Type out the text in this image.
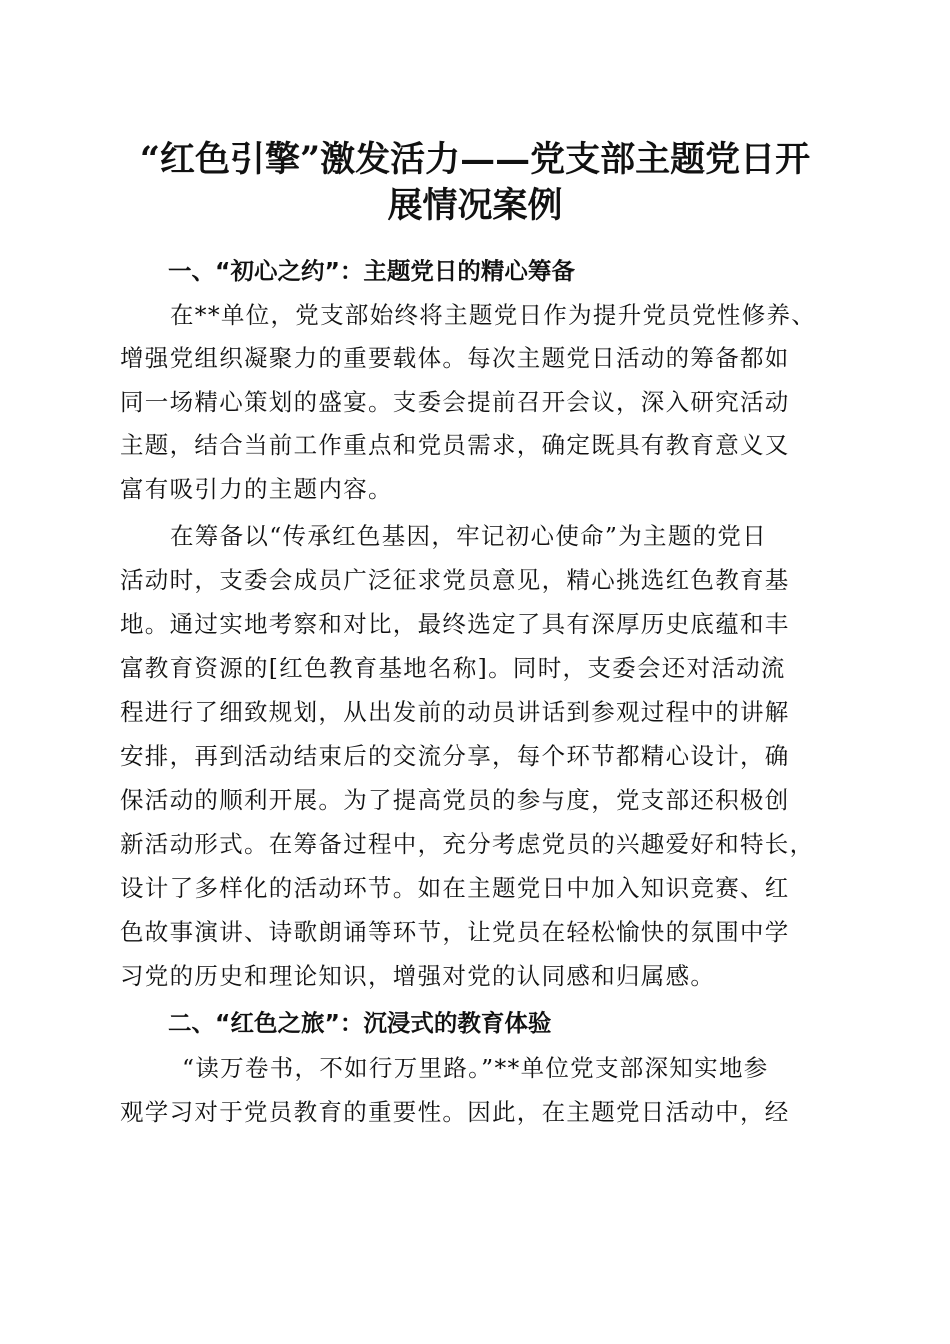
“红色引擎”激发活力——党支部主题党日开
展情况案例
一、“初心之约”：主题党日的精心筹备
在**单位，党支部始终将主题党日作为提升党员党性修养、
增强党组织凝聚力的重要载体。每次主题党日活动的筹备都如
同一场精心策划的盛宴。支委会提前召开会议，深入研究活动
主题，结合当前工作重点和党员需求，确定既具有教育意义又
富有吸引力的主题内容。
在筹备以“传承红色基因，牢记初心使命”为主题的党日
活动时，支委会成员广泛征求党员意见，精心挑选红色教育基
地。通过实地考察和对比，最终选定了具有深厚历史底蕴和丰
富教育资源的[红色教育基地名称]。同时，支委会还对活动流
程进行了细致规划，从出发前的动员讲话到参观过程中的讲解
安排，再到活动结束后的交流分享，每个环节都精心设计，确
保活动的顺利开展。为了提高党员的参与度，党支部还积极创
新活动形式。在筹备过程中，充分考虑党员的兴趣爱好和特长，
设计了多样化的活动环节。如在主题党日中加入知识竞赛、红
色故事演讲、诗歌朗诵等环节，让党员在轻松愉快的氛围中学
习党的历史和理论知识，增强对党的认同感和归属感。
二、“红色之旅”：沉浸式的教育体验
“读万卷书，不如行万里路。”**单位党支部深知实地参
观学习对于党员教育的重要性。因此，在主题党日活动中，经
